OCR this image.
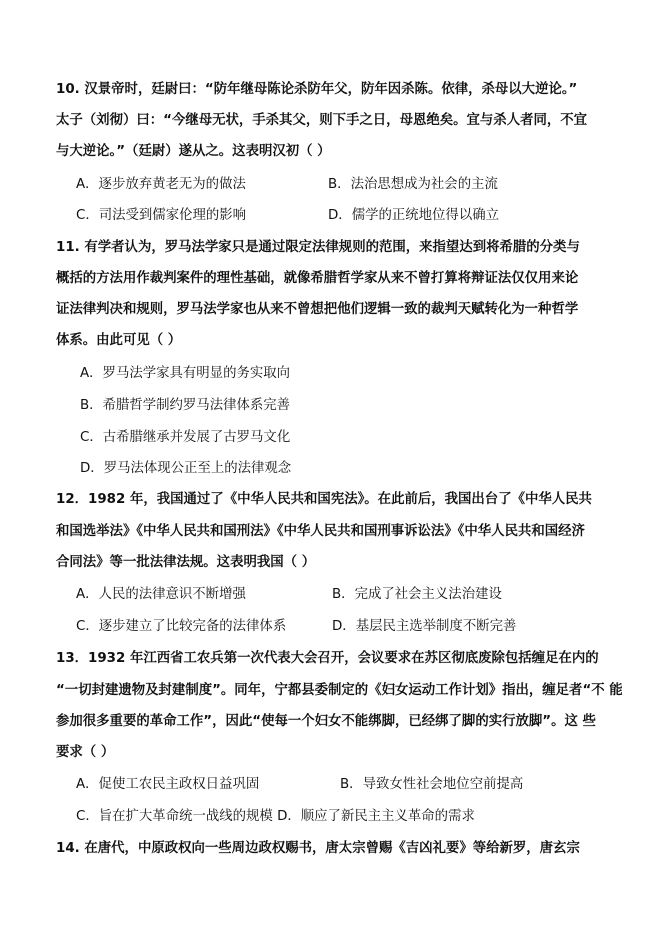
10. 汉景帝时，廷尉曰：“防年继母陈论杀防年父，防年因杀陈。依律，杀母以大逆论。”
太子（刘彻）曰：“今继母无状，手杀其父，则下手之日，母恩绝矣。宜与杀人者同，不宜
与大逆论。”（廷尉）遂从之。这表明汉初（ ）
A．逐步放弃黄老无为的做法	B．法治思想成为社会的主流
C．司法受到儒家伦理的影响	D．儒学的正统地位得以确立
11. 有学者认为，罗马法学家只是通过限定法律规则的范围，来指望达到将希腊的分类与
概括的方法用作裁判案件的理性基础，就像希腊哲学家从来不曾打算将辩证法仅仅用来论
证法律判决和规则，罗马法学家也从来不曾想把他们逻辑一致的裁判天赋转化为一种哲学
体系。由此可见（ ）
A．罗马法学家具有明显的务实取向
B．希腊哲学制约罗马法律体系完善
C．古希腊继承并发展了古罗马文化
D．罗马法体现公正至上的法律观念
12．1982 年，我国通过了《中华人民共和国宪法》。在此前后，我国出台了《中华人民共
和国选举法》《中华人民共和国刑法》《中华人民共和国刑事诉讼法》《中华人民共和国经济
合同法》等一批法律法规。这表明我国（ ）
A．人民的法律意识不断增强	B．完成了社会主义法治建设
C．逐步建立了比较完备的法律体系	D．基层民主选举制度不断完善
13．1932 年江西省工农兵第一次代表大会召开，会议要求在苏区彻底废除包括缠足在内的
“一切封建遗物及封建制度”。同年，宁都县委制定的《妇女运动工作计划》指出，缠足者“不 能
参加很多重要的革命工作”，因此“使每一个妇女不能绑脚，已经绑了脚的实行放脚”。这 些
要求（ ）
A．促使工农民主政权日益巩固	B．导致女性社会地位空前提高
C．旨在扩大革命统一战线的规模 D．顺应了新民主主义革命的需求
14. 在唐代，中原政权向一些周边政权赐书，唐太宗曾赐《吉凶礼要》等给新罗，唐玄宗
